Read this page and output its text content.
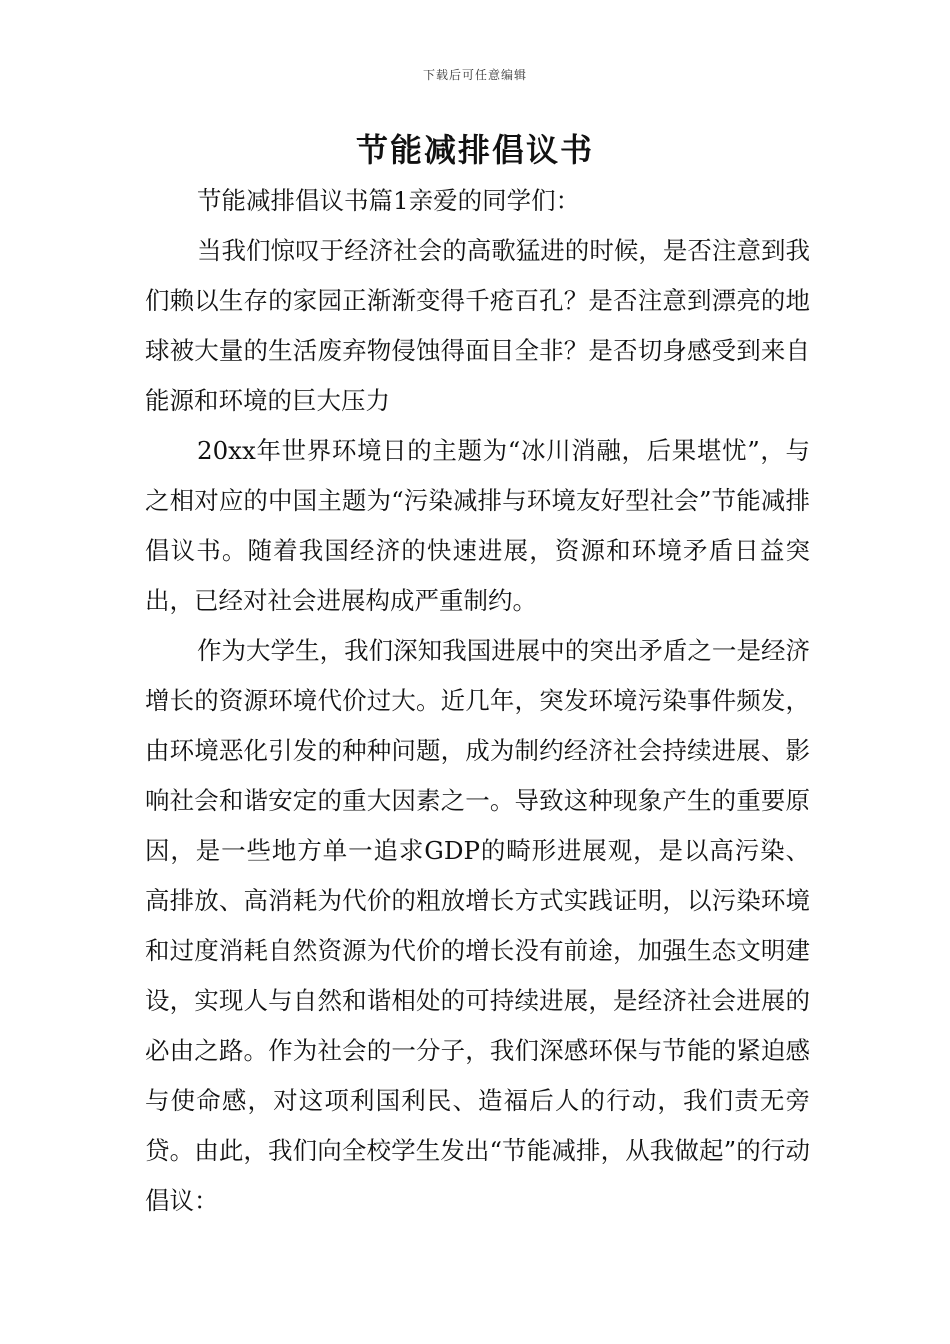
下载后可任意编辑
节能减排倡议书

节能减排倡议书篇1亲爱的同学们：

当我们惊叹于经济社会的高歌猛进的时候，是否注意到我们赖以生存的家园正渐渐变得千疮百孔？是否注意到漂亮的地球被大量的生活废弃物侵蚀得面目全非？是否切身感受到来自能源和环境的巨大压力

20xx年世界环境日的主题为“冰川消融，后果堪忧”，与之相对应的中国主题为“污染减排与环境友好型社会”节能减排倡议书。随着我国经济的快速进展，资源和环境矛盾日益突出，已经对社会进展构成严重制约。

作为大学生，我们深知我国进展中的突出矛盾之一是经济增长的资源环境代价过大。近几年，突发环境污染事件频发，由环境恶化引发的种种问题，成为制约经济社会持续进展、影响社会和谐安定的重大因素之一。导致这种现象产生的重要原因，是一些地方单一追求GDP的畸形进展观，是以高污染、高排放、高消耗为代价的粗放增长方式实践证明，以污染环境和过度消耗自然资源为代价的增长没有前途，加强生态文明建设，实现人与自然和谐相处的可持续进展，是经济社会进展的必由之路。作为社会的一分子，我们深感环保与节能的紧迫感与使命感，对这项利国利民、造福后人的行动，我们责无旁贷。由此，我们向全校学生发出“节能减排，从我做起”的行动倡议：
